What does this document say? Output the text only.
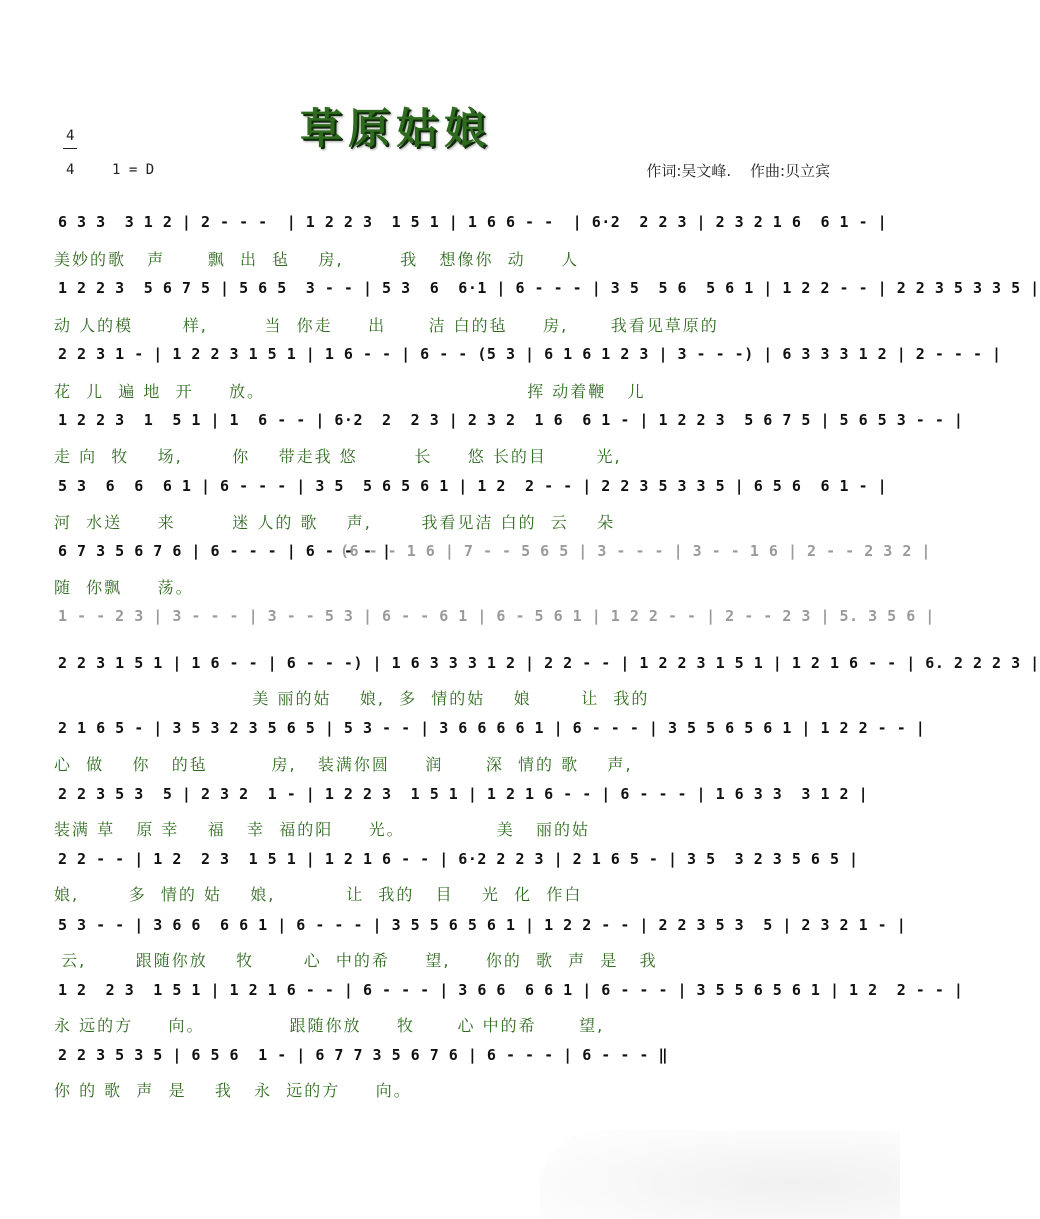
草原姑娘
4
4	1 = D	作词:吴文峰. 作曲:贝立宾
6 3 3  3 1 2 | 2 - - -  | 1 2 2 3  1 5 1 | 1 6 6 - -  | 6·2  2 2 3 | 2 3 2 1 6  6 1 - |
美妙的歌   声      飘  出  毡    房,        我   想像你  动     人
1 2 2 3  5 6 7 5 | 5 6 5  3 - - | 5 3  6  6·1 | 6 - - - | 3 5  5 6  5 6 1 | 1 2 2 - - | 2 2 3 5 3 3 5 |
动 人的模       样,        当  你走     出      洁 白的毡     房,      我看见草原的
2 2 3 1 - | 1 2 2 3 1 5 1 | 1 6 - - | 6 - - (5 3 | 6 1 6 1 2 3 | 3 - - -) | 6 3 3 3 1 2 | 2 - - - |
花  儿  遍 地  开     放。                                     挥 动着鞭   儿
1 2 2 3  1  5 1 | 1  6 - - | 6·2  2  2 3 | 2 3 2  1 6  6 1 - | 1 2 2 3  5 6 7 5 | 5 6 5 3 - - |
走 向  牧    场,       你    带走我 悠        长     悠 长的目       光,
5 3  6  6  6 1 | 6 - - - | 3 5  5 6 5 6 1 | 1 2  2 - - | 2 2 3 5 3 3 5 | 6 5 6  6 1 - |
河  水送     来        迷 人的 歌    声,       我看见洁 白的  云    朵
6 7 3 5 6 7 6 | 6 - - - | 6 - - - |
(6 - - 1 6 | 7 - - 5 6 5 | 3 - - - | 3 - - 1 6 | 2 - - 2 3 2 |
随  你飘     荡。
1 - - 2 3 | 3 - - - | 3 - - 5 3 | 6 - - 6 1 | 6 - 5 6 1 | 1 2 2 - - | 2 - - 2 3 | 5. 3 5 6 |
2 2 3 1 5 1 | 1 6 - - | 6 - - -) | 1 6 3 3 3 1 2 | 2 2 - - | 1 2 2 3 1 5 1 | 1 2 1 6 - - | 6. 2 2 2 3 |
美 丽的姑    娘,  多  情的姑    娘       让  我的
2 1 6 5 - | 3 5 3 2 3 5 6 5 | 5 3 - - | 3 6 6 6 6 1 | 6 - - - | 3 5 5 6 5 6 1 | 1 2 2 - - |
心  做    你   的毡         房,   装满你圆     润      深  情的 歌    声,
2 2 3 5 3  5 | 2 3 2  1 - | 1 2 2 3  1 5 1 | 1 2 1 6 - - | 6 - - - | 1 6 3 3  3 1 2 |
装满 草   原 幸    福   幸  福的阳     光。             美   丽的姑
2 2 - - | 1 2  2 3  1 5 1 | 1 2 1 6 - - | 6·2 2 2 3 | 2 1 6 5 - | 3 5  3 2 3 5 6 5 |
娘,       多  情的 姑    娘,          让  我的   目    光  化  作白
5 3 - - | 3 6 6  6 6 1 | 6 - - - | 3 5 5 6 5 6 1 | 1 2 2 - - | 2 2 3 5 3  5 | 2 3 2 1 - |
云,       跟随你放    牧       心  中的希     望,     你的  歌  声  是   我
1 2  2 3  1 5 1 | 1 2 1 6 - - | 6 - - - | 3 6 6  6 6 1 | 6 - - - | 3 5 5 6 5 6 1 | 1 2  2 - - |
永 远的方     向。            跟随你放     牧      心 中的希      望,
2 2 3 5 3 5 | 6 5 6  1 - | 6 7 7 3 5 6 7 6 | 6 - - - | 6 - - - ‖
你 的 歌  声  是    我   永  远的方     向。
